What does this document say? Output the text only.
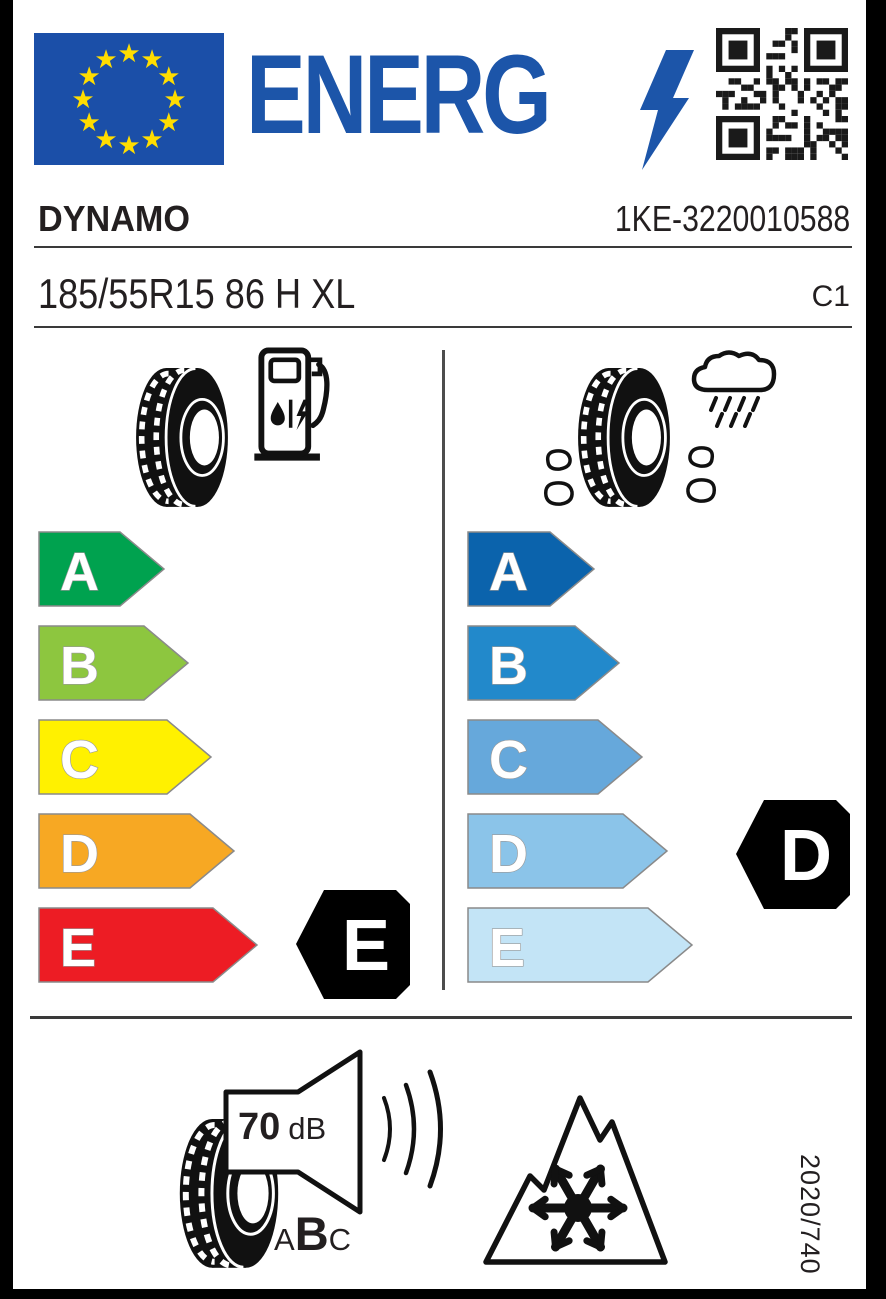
★ ★
★
★
★
★
★
★
★
★
★
★ ENERG
DYNAMO	1KE-3220010588
185/55R15 86 H XL	C1
A
B
C
D
E
A
B
C
D
E
E
D
70 dB
A B C	2020/740
